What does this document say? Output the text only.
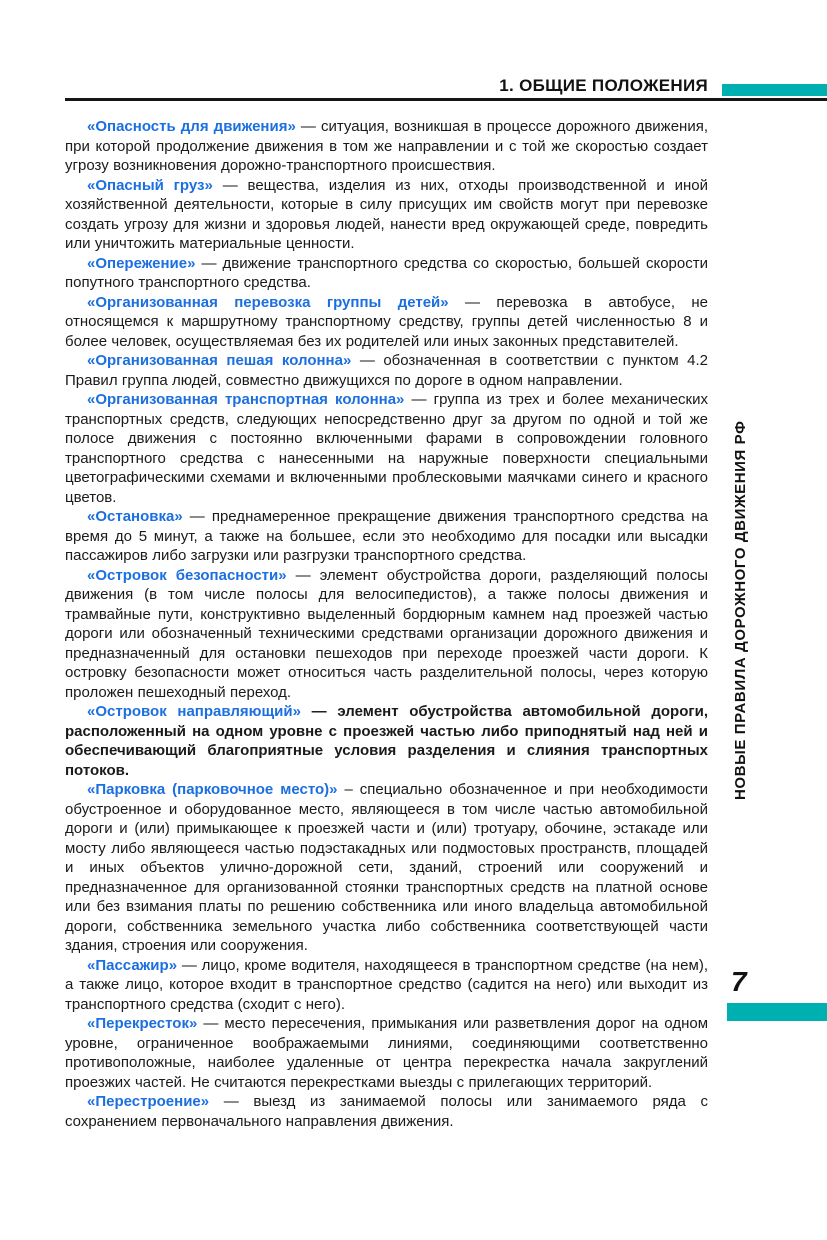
1. ОБЩИЕ ПОЛОЖЕНИЯ

«Опасность для движения» — ситуация, возникшая в процессе дорожного движения, при которой продолжение движения в том же направлении и с той же скоростью создает угрозу возникновения дорожно-транспортного происшествия.

«Опасный груз» — вещества, изделия из них, отходы производственной и иной хозяйственной деятельности, которые в силу присущих им свойств могут при перевозке создать угрозу для жизни и здоровья людей, нанести вред окружающей среде, повредить или уничтожить материальные ценности.

«Опережение» — движение транспортного средства со скоростью, большей скорости попутного транспортного средства.

«Организованная перевозка группы детей» — перевозка в автобусе, не относящемся к маршрутному транспортному средству, группы детей численностью 8 и более человек, осуществляемая без их родителей или иных законных представителей.

«Организованная пешая колонна» — обозначенная в соответствии с пунктом 4.2 Правил группа людей, совместно движущихся по дороге в одном направлении.

«Организованная транспортная колонна» — группа из трех и более механических транспортных средств, следующих непосредственно друг за другом по одной и той же полосе движения с постоянно включенными фарами в сопровождении головного транспортного средства с нанесенными на наружные поверхности специальными цветографическими схемами и включенными проблесковыми маячками синего и красного цветов.

«Остановка» — преднамеренное прекращение движения транспортного средства на время до 5 минут, а также на большее, если это необходимо для посадки или высадки пассажиров либо загрузки или разгрузки транспортного средства.

«Островок безопасности» — элемент обустройства дороги, разделяющий полосы движения (в том числе полосы для велосипедистов), а также полосы движения и трамвайные пути, конструктивно выделенный бордюрным камнем над проезжей частью дороги или обозначенный техническими средствами организации дорожного движения и предназначенный для остановки пешеходов при переходе проезжей части дороги. К островку безопасности может относиться часть разделительной полосы, через которую проложен пешеходный переход.

«Островок направляющий» — элемент обустройства автомобильной дороги, расположенный на одном уровне с проезжей частью либо приподнятый над ней и обеспечивающий благоприятные условия разделения и слияния транспортных потоков.

«Парковка (парковочное место)» – специально обозначенное и при необходимости обустроенное и оборудованное место, являющееся в том числе частью автомобильной дороги и (или) примыкающее к проезжей части и (или) тротуару, обочине, эстакаде или мосту либо являющееся частью подэстакадных или подмостовых пространств, площадей и иных объектов улично-дорожной сети, зданий, строений или сооружений и предназначенное для организованной стоянки транспортных средств на платной основе или без взимания платы по решению собственника или иного владельца автомобильной дороги, собственника земельного участка либо собственника соответствующей части здания, строения или сооружения.

«Пассажир» — лицо, кроме водителя, находящееся в транспортном средстве (на нем), а также лицо, которое входит в транспортное средство (садится на него) или выходит из транспортного средства (сходит с него).

«Перекресток» — место пересечения, примыкания или разветвления дорог на одном уровне, ограниченное воображаемыми линиями, соединяющими соответственно противоположные, наиболее удаленные от центра перекрестка начала закруглений проезжих частей. Не считаются перекрестками выезды с прилегающих территорий.

«Перестроение» — выезд из занимаемой полосы или занимаемого ряда с сохранением первоначального направления движения.

НОВЫЕ ПРАВИЛА ДОРОЖНОГО ДВИЖЕНИЯ РФ
7
